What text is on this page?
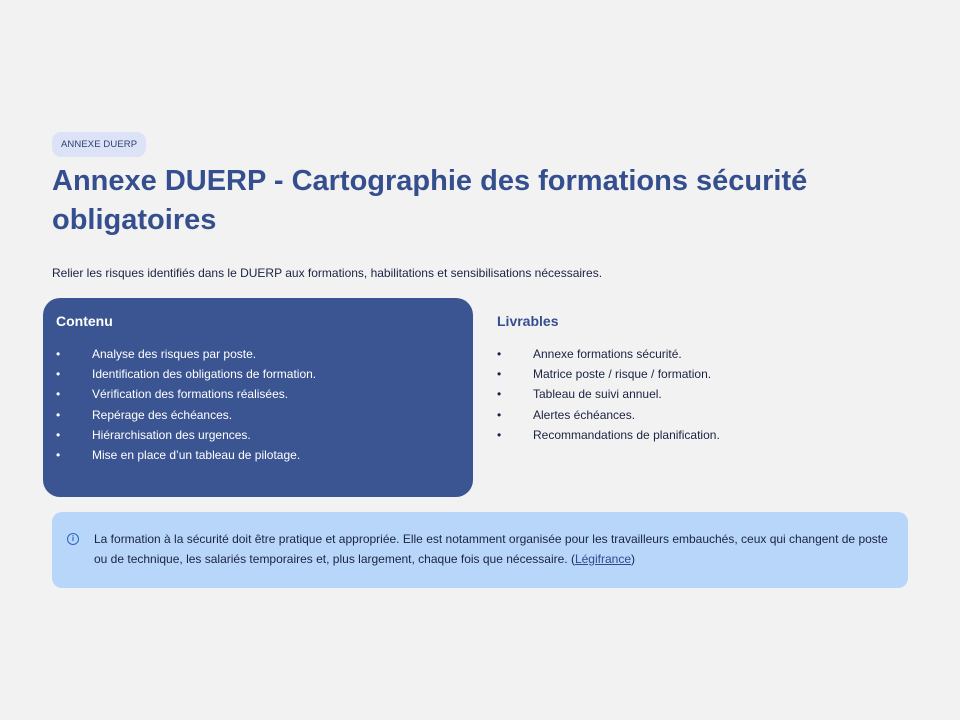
ANNEXE DUERP
Annexe DUERP - Cartographie des formations sécurité obligatoires

Relier les risques identifiés dans le DUERP aux formations, habilitations et sensibilisations nécessaires.

Contenu
•	Analyse des risques par poste.
•	Identification des obligations de formation.
•	Vérification des formations réalisées.
•	Repérage des échéances.
•	Hiérarchisation des urgences.
•	Mise en place d’un tableau de pilotage.
Livrables
•	Annexe formations sécurité.
•	Matrice poste / risque / formation.
•	Tableau de suivi annuel.
•	Alertes échéances.
•	Recommandations de planification.
i	La formation à la sécurité doit être pratique et appropriée. Elle est notamment organisée pour les travailleurs embauchés, ceux qui changent de poste ou de technique, les salariés temporaires et, plus largement, chaque fois que nécessaire. (Légifrance)
